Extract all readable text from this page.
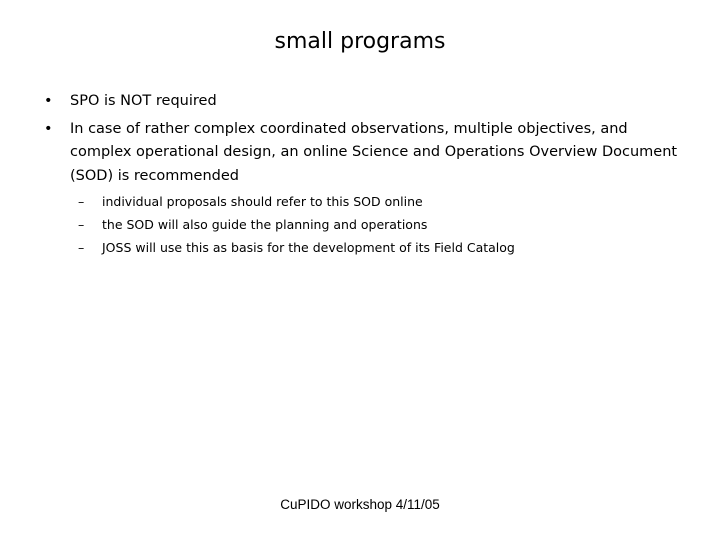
small programs
• SPO is NOT required
• In case of rather complex coordinated observations, multiple objectives, and complex operational design, an online Science and Operations Overview Document (SOD) is recommended
– individual proposals should refer to this SOD online
– the SOD will also guide the planning and operations
– JOSS will use this as basis for the development of its Field Catalog
CuPIDO workshop 4/11/05
